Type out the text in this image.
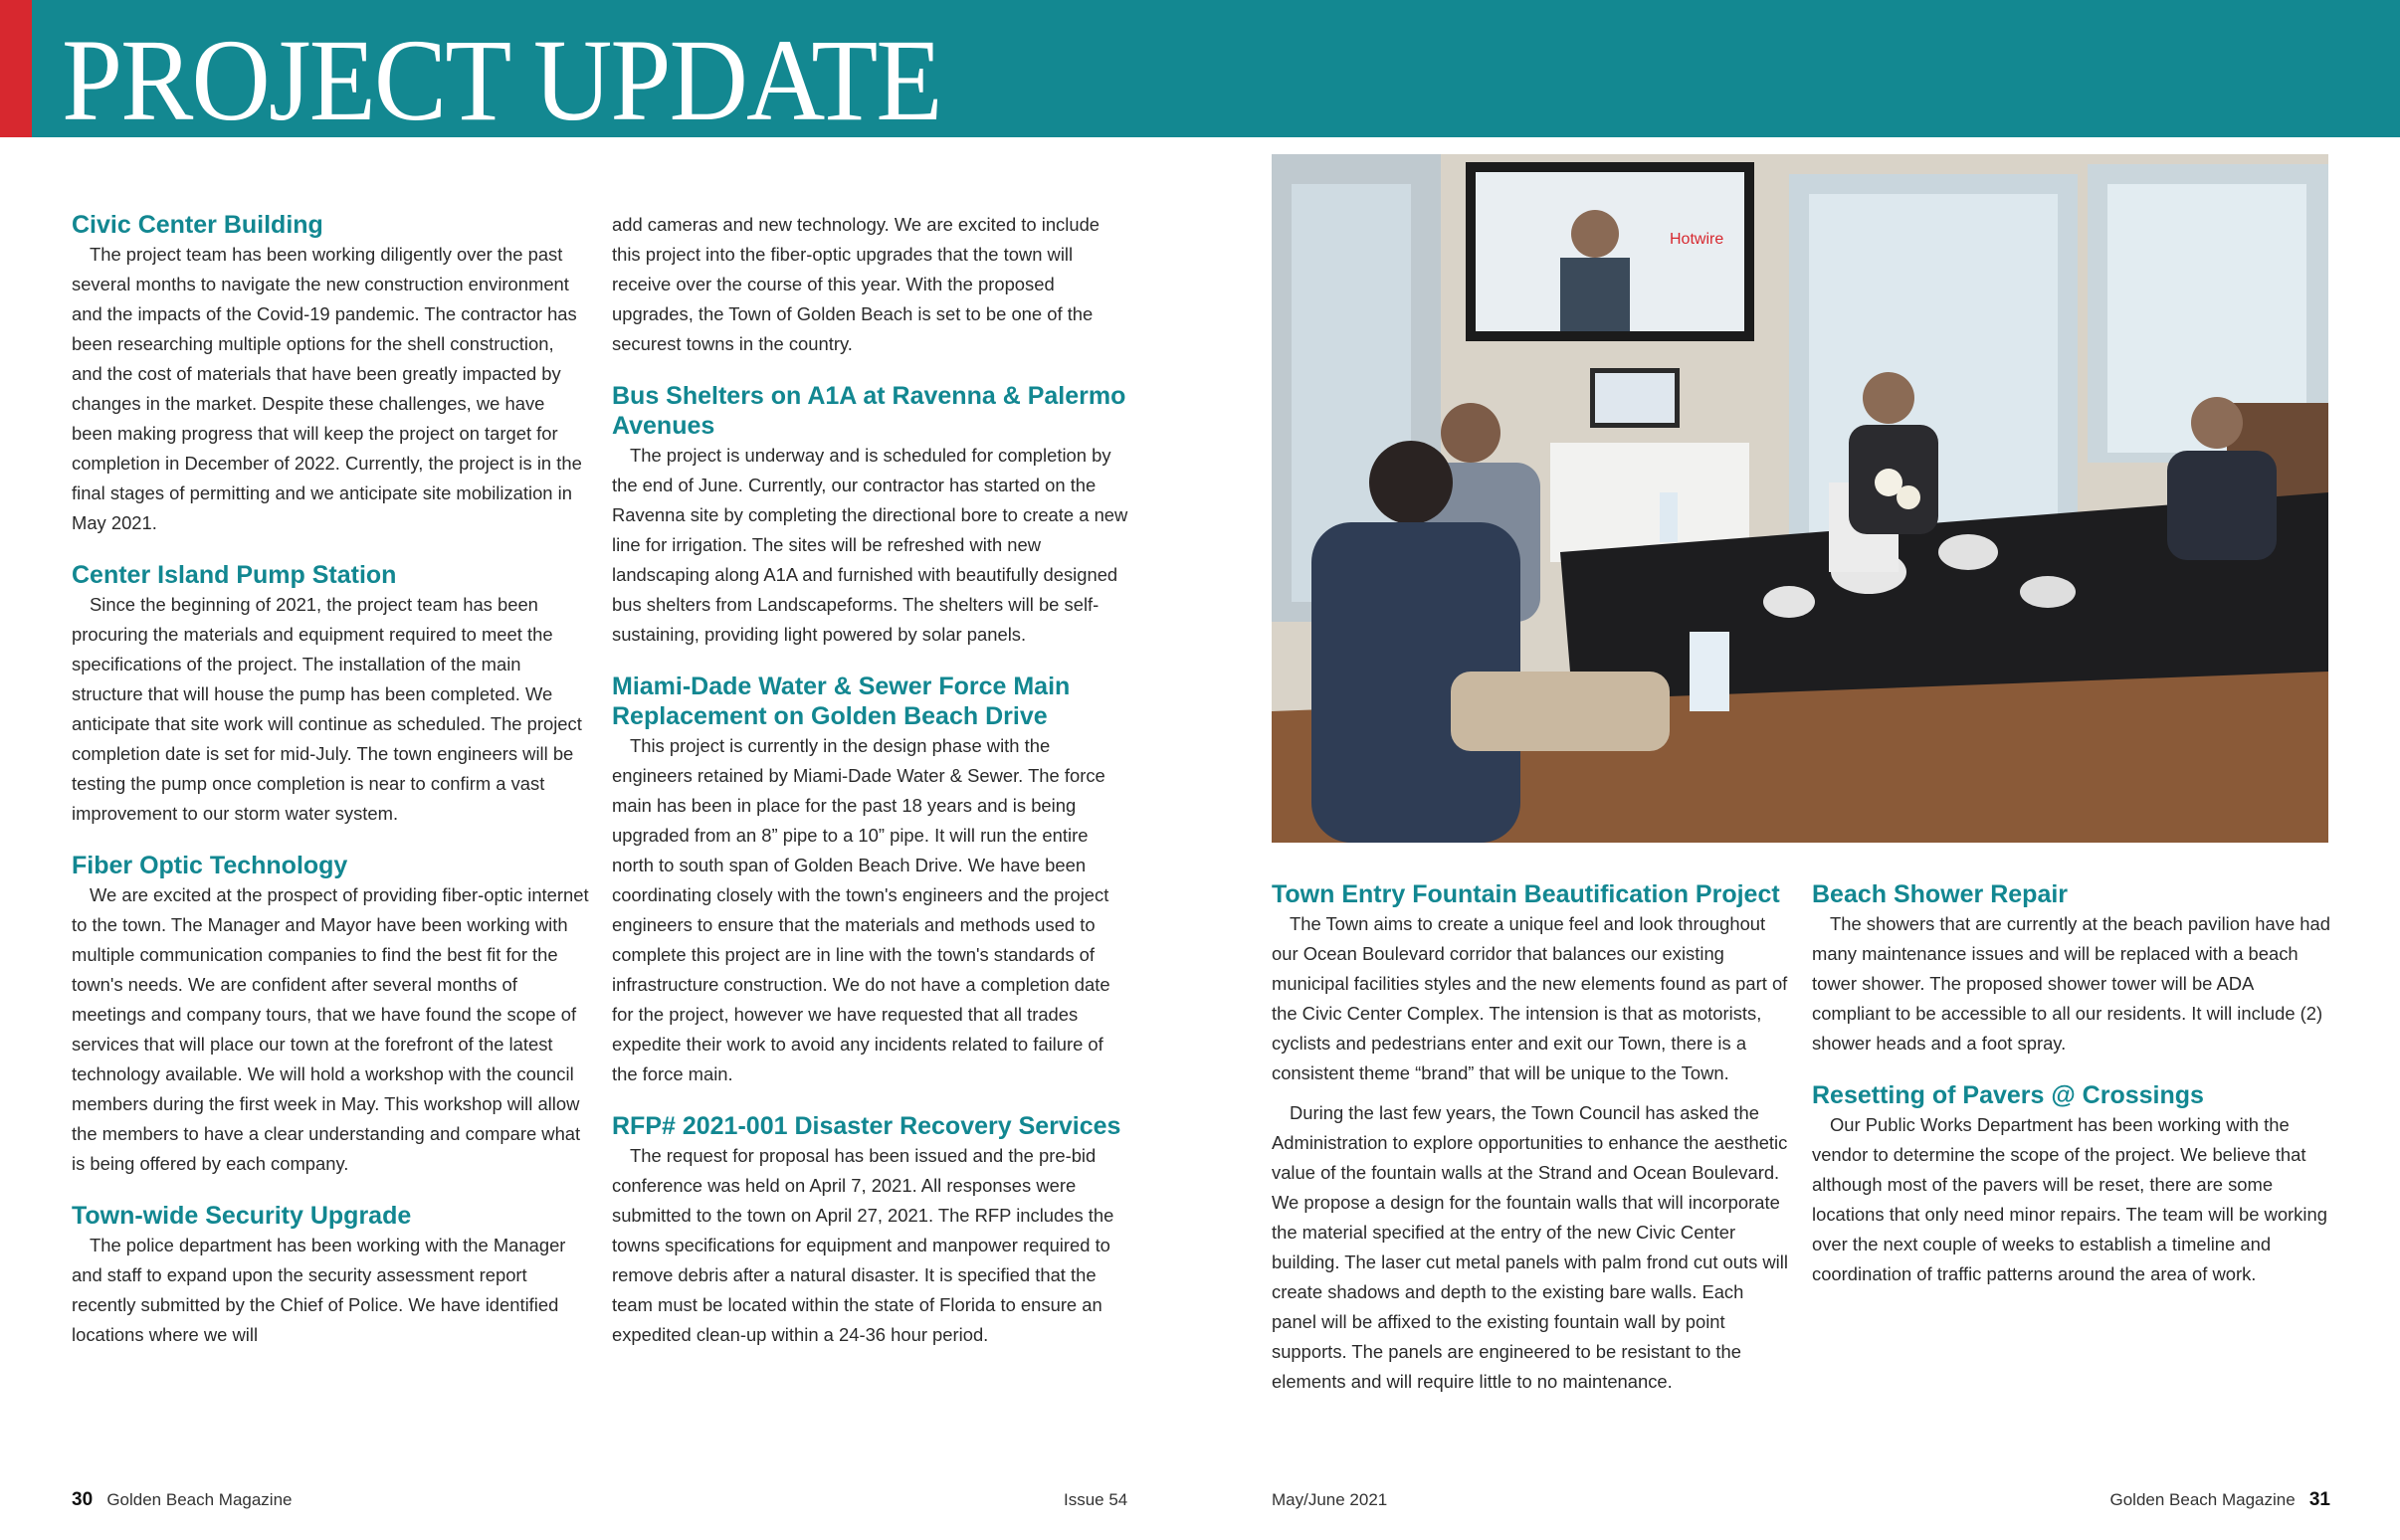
PROJECT UPDATE
Civic Center Building

The project team has been working diligently over the past several months to navigate the new construction environment and the impacts of the Covid-19 pandemic. The contractor has been researching multiple options for the shell construction, and the cost of materials that have been greatly impacted by changes in the market. Despite these challenges, we have been making progress that will keep the project on target for completion in December of 2022. Currently, the project is in the final stages of permitting and we anticipate site mobilization in May 2021.

Center Island Pump Station

Since the beginning of 2021, the project team has been procuring the materials and equipment required to meet the specifications of the project. The installation of the main structure that will house the pump has been completed. We anticipate that site work will continue as scheduled. The project completion date is set for mid-July. The town engineers will be testing the pump once completion is near to confirm a vast improvement to our storm water system.

Fiber Optic Technology

We are excited at the prospect of providing fiber-optic internet to the town. The Manager and Mayor have been working with multiple communication companies to find the best fit for the town's needs. We are confident after several months of meetings and company tours, that we have found the scope of services that will place our town at the forefront of the latest technology available. We will hold a workshop with the council members during the first week in May. This workshop will allow the members to have a clear understanding and compare what is being offered by each company.

Town-wide Security Upgrade

The police department has been working with the Manager and staff to expand upon the security assessment report recently submitted by the Chief of Police. We have identified locations where we will

add cameras and new technology. We are excited to include this project into the fiber-optic upgrades that the town will receive over the course of this year. With the proposed upgrades, the Town of Golden Beach is set to be one of the securest towns in the country.

Bus Shelters on A1A at Ravenna & Palermo Avenues

The project is underway and is scheduled for completion by the end of June. Currently, our contractor has started on the Ravenna site by completing the directional bore to create a new line for irrigation. The sites will be refreshed with new landscaping along A1A and furnished with beautifully designed bus shelters from Landscapeforms. The shelters will be self-sustaining, providing light powered by solar panels.

Miami-Dade Water & Sewer Force Main Replacement on Golden Beach Drive

This project is currently in the design phase with the engineers retained by Miami-Dade Water & Sewer. The force main has been in place for the past 18 years and is being upgraded from an 8” pipe to a 10” pipe. It will run the entire north to south span of Golden Beach Drive. We have been coordinating closely with the town's engineers and the project engineers to ensure that the materials and methods used to complete this project are in line with the town's standards of infrastructure construction. We do not have a completion date for the project, however we have requested that all trades expedite their work to avoid any incidents related to failure of the force main.

RFP# 2021-001 Disaster Recovery Services

The request for proposal has been issued and the pre-bid conference was held on April 7, 2021. All responses were submitted to the town on April 27, 2021. The RFP includes the towns specifications for equipment and manpower required to remove debris after a natural disaster. It is specified that the team must be located within the state of Florida to ensure an expedited clean-up within a 24-36 hour period.

Hotwire
Town Entry Fountain Beautification Project

The Town aims to create a unique feel and look throughout our Ocean Boulevard corridor that balances our existing municipal facilities styles and the new elements found as part of the Civic Center Complex. The intension is that as motorists, cyclists and pedestrians enter and exit our Town, there is a consistent theme “brand” that will be unique to the Town.

During the last few years, the Town Council has asked the Administration to explore opportunities to enhance the aesthetic value of the fountain walls at the Strand and Ocean Boulevard. We propose a design for the fountain walls that will incorporate the material specified at the entry of the new Civic Center building. The laser cut metal panels with palm frond cut outs will create shadows and depth to the existing bare walls. Each panel will be affixed to the existing fountain wall by point supports. The panels are engineered to be resistant to the elements and will require little to no maintenance.

Beach Shower Repair

The showers that are currently at the beach pavilion have had many maintenance issues and will be replaced with a beach tower shower. The proposed shower tower will be ADA compliant to be accessible to all our residents. It will include (2) shower heads and a foot spray.

Resetting of Pavers @ Crossings

Our Public Works Department has been working with the vendor to determine the scope of the project. We believe that although most of the pavers will be reset, there are some locations that only need minor repairs. The team will be working over the next couple of weeks to establish a timeline and coordination of traffic patterns around the area of work.

30 Golden Beach Magazine	Issue 54	May/June 2021	Golden Beach Magazine 31
